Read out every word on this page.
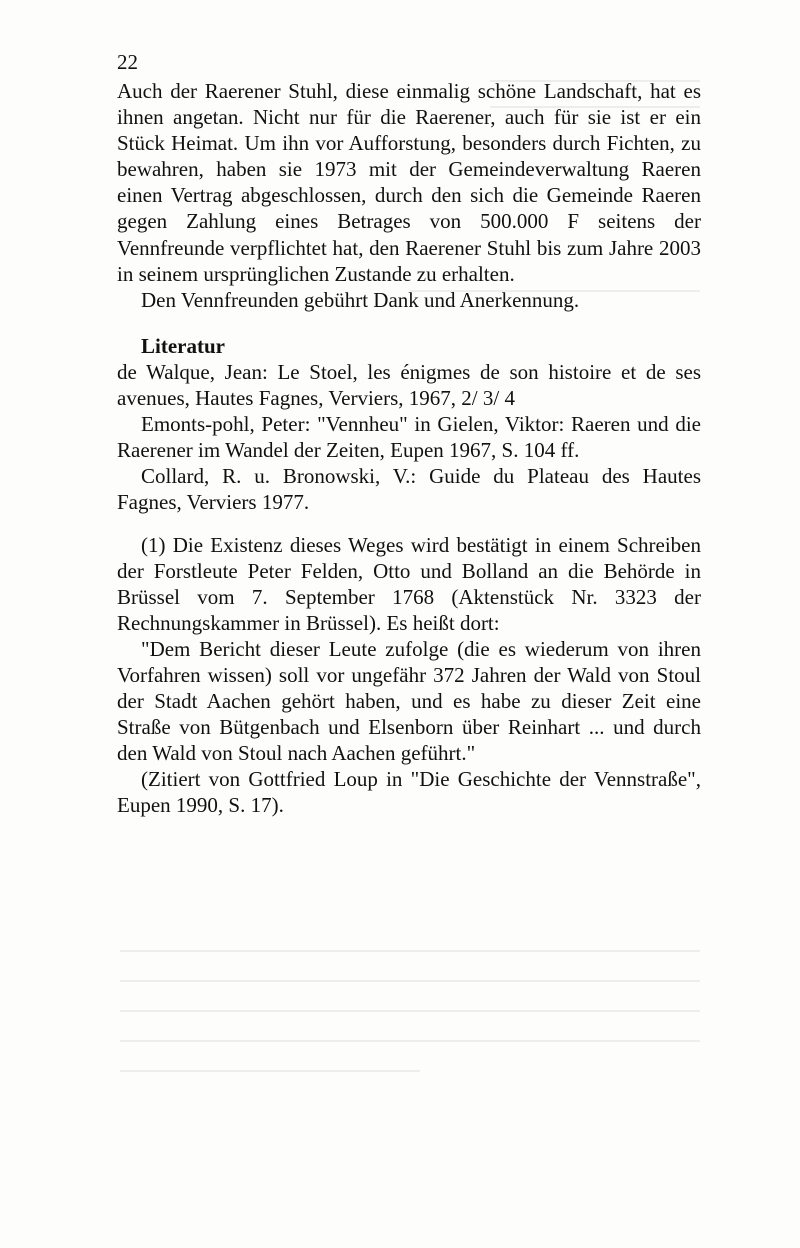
22

Auch der Raerener Stuhl, diese einmalig schöne Landschaft, hat es ihnen angetan. Nicht nur für die Raerener, auch für sie ist er ein Stück Heimat. Um ihn vor Aufforstung, besonders durch Fichten, zu bewahren, haben sie 1973 mit der Gemeindeverwaltung Raeren einen Vertrag abgeschlossen, durch den sich die Gemeinde Raeren gegen Zahlung eines Betrages von 500.000 F seitens der Vennfreunde verpflichtet hat, den Raerener Stuhl bis zum Jahre 2003 in seinem ursprünglichen Zustande zu erhalten.

Den Vennfreunden gebührt Dank und Anerkennung.

Literatur

de Walque, Jean: Le Stoel, les énigmes de son histoire et de ses avenues, Hautes Fagnes, Verviers, 1967, 2/ 3/ 4

Emonts-pohl, Peter: "Vennheu" in Gielen, Viktor: Raeren und die Raerener im Wandel der Zeiten, Eupen 1967, S. 104 ff.

Collard, R. u. Bronowski, V.: Guide du Plateau des Hautes Fagnes, Verviers 1977.

(1) Die Existenz dieses Weges wird bestätigt in einem Schreiben der Forstleute Peter Felden, Otto und Bolland an die Behörde in Brüssel vom 7. September 1768 (Aktenstück Nr. 3323 der Rechnungskammer in Brüssel). Es heißt dort:

"Dem Bericht dieser Leute zufolge (die es wiederum von ihren Vorfahren wissen) soll vor ungefähr 372 Jahren der Wald von Stoul der Stadt Aachen gehört haben, und es habe zu dieser Zeit eine Straße von Bütgenbach und Elsenborn über Reinhart ... und durch den Wald von Stoul nach Aachen geführt."

(Zitiert von Gottfried Loup in "Die Geschichte der Vennstraße", Eupen 1990, S. 17).
